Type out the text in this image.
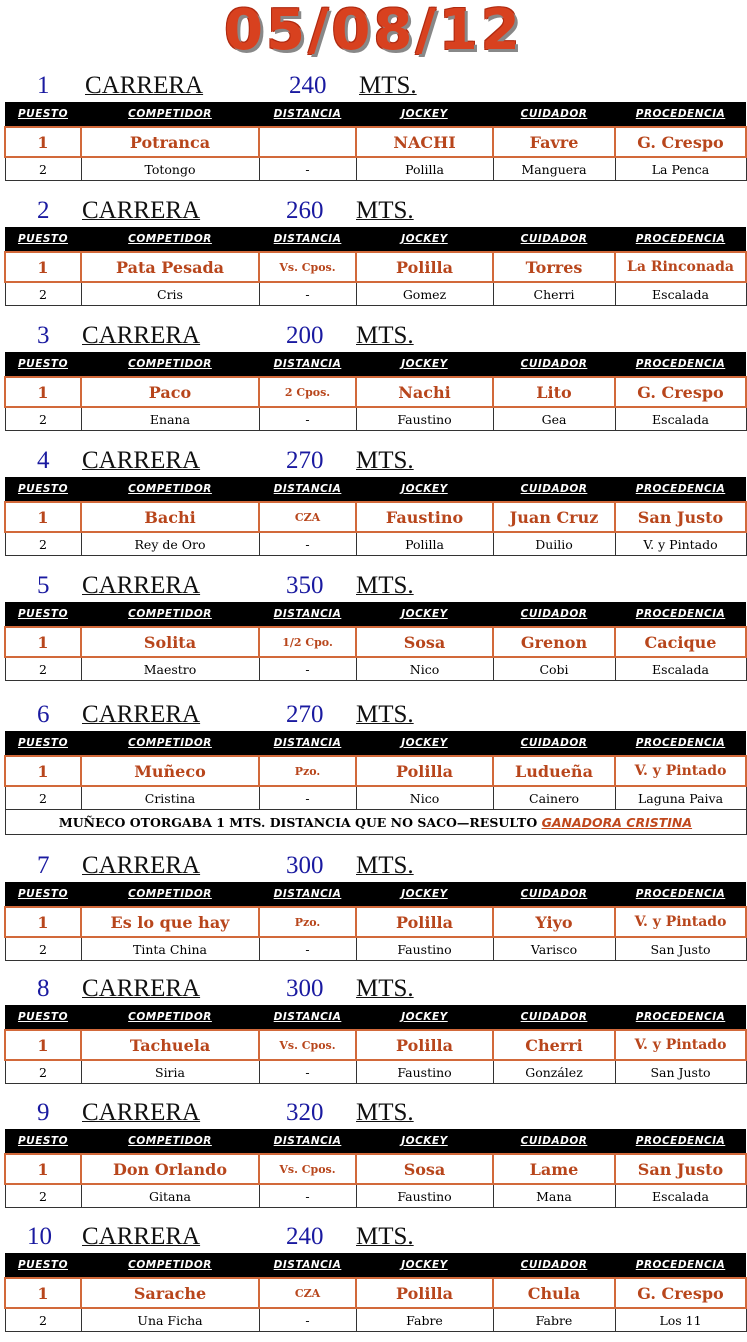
05/08/12
1 CARRERA	240 MTS.
PUESTO	COMPETIDOR	DISTANCIA	JOCKEY	CUIDADOR	PROCEDENCIA
1	Potranca		NACHI	Favre	G. Crespo
2	Totongo	-	Polilla	Manguera	La Penca
2 CARRERA	260 MTS.
PUESTO	COMPETIDOR	DISTANCIA	JOCKEY	CUIDADOR	PROCEDENCIA
1	Pata Pesada	Vs. Cpos.	Polilla	Torres	La Rinconada
2	Cris	-	Gomez	Cherri	Escalada
3 CARRERA	200 MTS.
PUESTO	COMPETIDOR	DISTANCIA	JOCKEY	CUIDADOR	PROCEDENCIA
1	Paco	2 Cpos.	Nachi	Lito	G. Crespo
2	Enana	-	Faustino	Gea	Escalada
4 CARRERA	270 MTS.
PUESTO	COMPETIDOR	DISTANCIA	JOCKEY	CUIDADOR	PROCEDENCIA
1	Bachi	CZA	Faustino	Juan Cruz	San Justo
2	Rey de Oro	-	Polilla	Duilio	V. y Pintado
5 CARRERA	350 MTS.
PUESTO	COMPETIDOR	DISTANCIA	JOCKEY	CUIDADOR	PROCEDENCIA
1	Solita	1/2 Cpo.	Sosa	Grenon	Cacique
2	Maestro	-	Nico	Cobi	Escalada
6 CARRERA	270 MTS.
PUESTO	COMPETIDOR	DISTANCIA	JOCKEY	CUIDADOR	PROCEDENCIA
1	Muñeco	Pzo.	Polilla	Ludueña	V. y Pintado
2	Cristina	-	Nico	Cainero	Laguna Paiva
MUÑECO OTORGABA 1 MTS. DISTANCIA QUE NO SACO—RESULTO GANADORA CRISTINA					
7 CARRERA	300 MTS.
PUESTO	COMPETIDOR	DISTANCIA	JOCKEY	CUIDADOR	PROCEDENCIA
1	Es lo que hay	Pzo.	Polilla	Yiyo	V. y Pintado
2	Tinta China	-	Faustino	Varisco	San Justo
8 CARRERA	300 MTS.
PUESTO	COMPETIDOR	DISTANCIA	JOCKEY	CUIDADOR	PROCEDENCIA
1	Tachuela	Vs. Cpos.	Polilla	Cherri	V. y Pintado
2	Siria	-	Faustino	González	San Justo
9 CARRERA	320 MTS.
PUESTO	COMPETIDOR	DISTANCIA	JOCKEY	CUIDADOR	PROCEDENCIA
1	Don Orlando	Vs. Cpos.	Sosa	Lame	San Justo
2	Gitana	-	Faustino	Mana	Escalada
10 CARRERA	240 MTS.
PUESTO	COMPETIDOR	DISTANCIA	JOCKEY	CUIDADOR	PROCEDENCIA
1	Sarache	CZA	Polilla	Chula	G. Crespo
2	Una Ficha	-	Fabre	Fabre	Los 11
